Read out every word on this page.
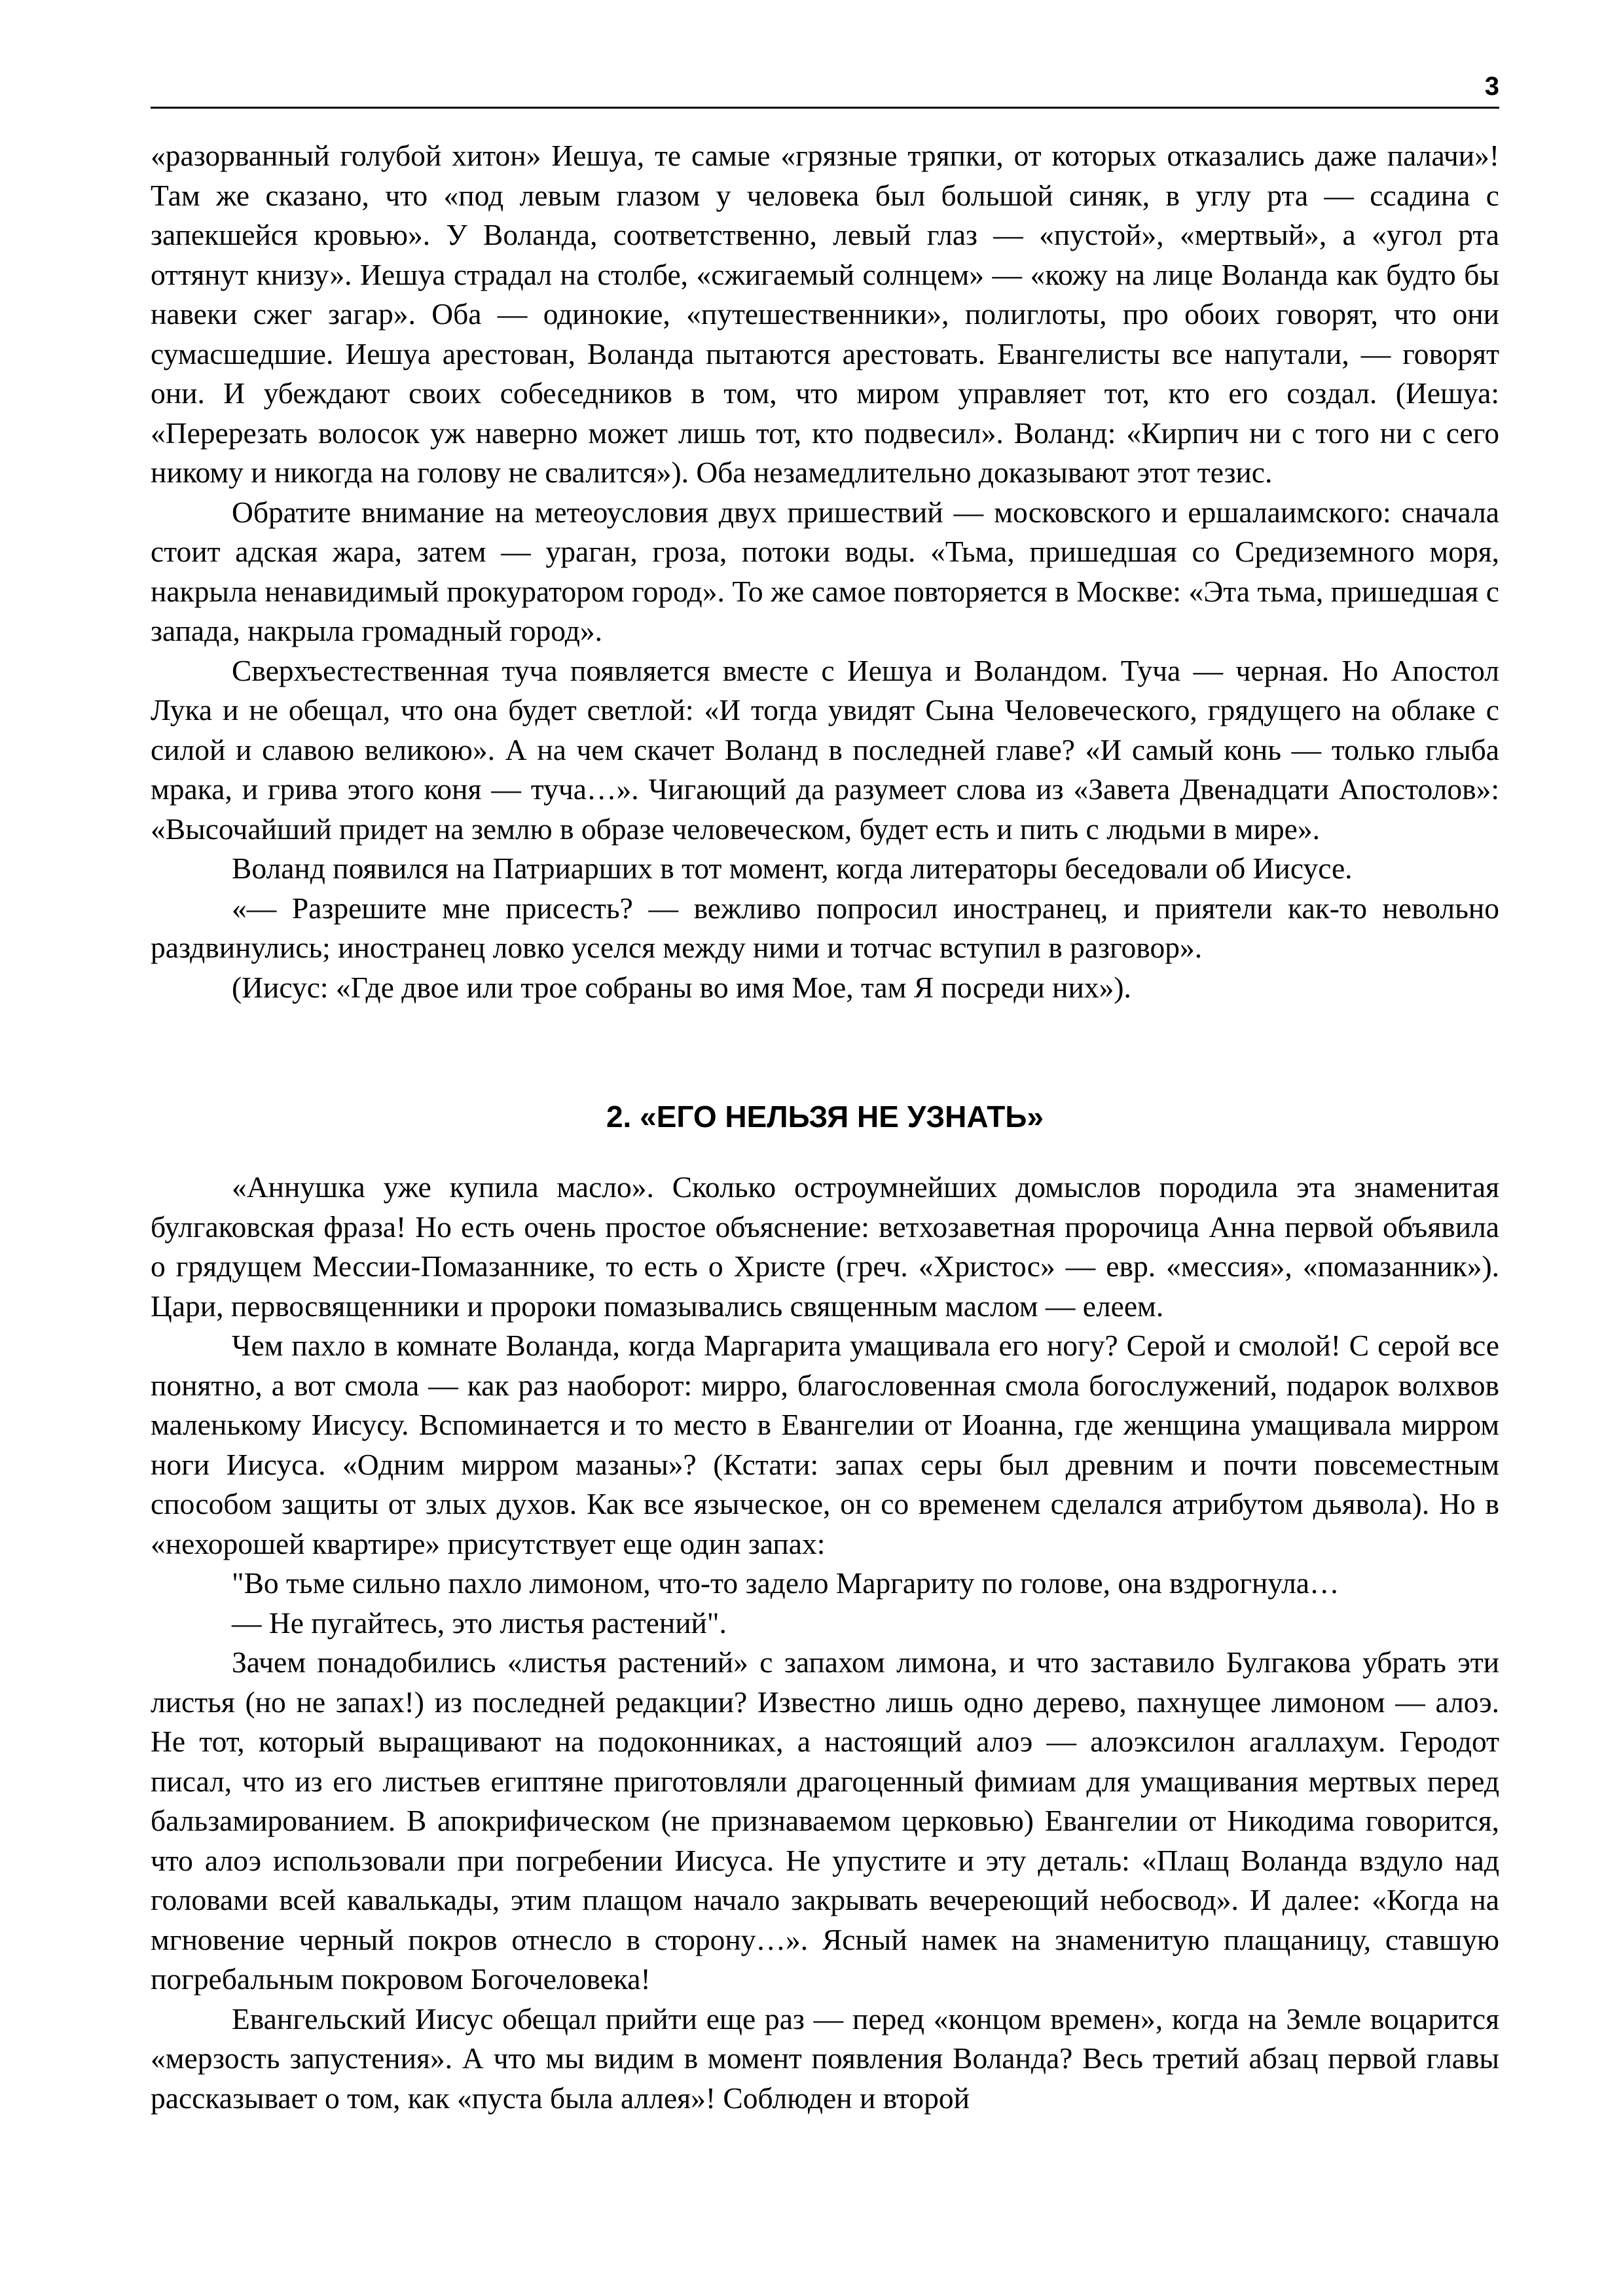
3

«разорванный голубой хитон» Иешуа, те самые «грязные тряпки, от которых отказались даже палачи»! Там же сказано, что «под левым глазом у человека был большой синяк, в углу рта — ссадина с запекшейся кровью». У Воланда, соответственно, левый глаз — «пустой», «мертвый», а «угол рта оттянут книзу». Иешуа страдал на столбе, «сжигаемый солнцем» — «кожу на лице Воланда как будто бы навеки сжег загар». Оба — одинокие, «путешественники», полиглоты, про обоих говорят, что они сумасшедшие. Иешуа арестован, Воланда пытаются арестовать. Евангелисты все напутали, — говорят они. И убеждают своих собеседников в том, что миром управляет тот, кто его создал. (Иешуа: «Перерезать волосок уж наверно может лишь тот, кто подвесил». Воланд: «Кирпич ни с того ни с сего никому и никогда на голову не свалится»). Оба незамедлительно доказывают этот тезис.

Обратите внимание на метеоусловия двух пришествий — московского и ершалаимского: сначала стоит адская жара, затем — ураган, гроза, потоки воды. «Тьма, пришедшая со Средиземного моря, накрыла ненавидимый прокуратором город». То же самое повторяется в Москве: «Эта тьма, пришедшая с запада, накрыла громадный город».

Сверхъестественная туча появляется вместе с Иешуа и Воландом. Туча — черная. Но Апостол Лука и не обещал, что она будет светлой: «И тогда увидят Сына Человеческого, грядущего на облаке с силой и славою великою». А на чем скачет Воланд в последней главе? «И самый конь — только глыба мрака, и грива этого коня — туча…». Чигающий да разумеет слова из «Завета Двенадцати Апостолов»: «Высочайший придет на землю в образе человеческом, будет есть и пить с людьми в мире».

Воланд появился на Патриарших в тот момент, когда литераторы беседовали об Иисусе.

«— Разрешите мне присесть? — вежливо попросил иностранец, и приятели как-то невольно раздвинулись; иностранец ловко уселся между ними и тотчас вступил в разговор».

(Иисус: «Где двое или трое собраны во имя Мое, там Я посреди них»).

2. «ЕГО НЕЛЬЗЯ НЕ УЗНАТЬ»

«Аннушка уже купила масло». Сколько остроумнейших домыслов породила эта знаменитая булгаковская фраза! Но есть очень простое объяснение: ветхозаветная пророчица Анна первой объявила о грядущем Мессии-Помазаннике, то есть о Христе (греч. «Христос» — евр. «мессия», «помазанник»). Цари, первосвященники и пророки помазывались священным маслом — елеем.

Чем пахло в комнате Воланда, когда Маргарита умащивала его ногу? Серой и смолой! С серой все понятно, а вот смола — как раз наоборот: мирро, благословенная смола богослужений, подарок волхвов маленькому Иисусу. Вспоминается и то место в Евангелии от Иоанна, где женщина умащивала мирром ноги Иисуса. «Одним мирром мазаны»? (Кстати: запах серы был древним и почти повсеместным способом защиты от злых духов. Как все языческое, он со временем сделался атрибутом дьявола). Но в «нехорошей квартире» присутствует еще один запах:

"Во тьме сильно пахло лимоном, что-то задело Маргариту по голове, она вздрогнула…

— Не пугайтесь, это листья растений".

Зачем понадобились «листья растений» с запахом лимона, и что заставило Булгакова убрать эти листья (но не запах!) из последней редакции? Известно лишь одно дерево, пахнущее лимоном — алоэ. Не тот, который выращивают на подоконниках, а настоящий алоэ — алоэксилон агаллахум. Геродот писал, что из его листьев египтяне приготовляли драгоценный фимиам для умащивания мертвых перед бальзамированием. В апокрифическом (не признаваемом церковью) Евангелии от Никодима говорится, что алоэ использовали при погребении Иисуса. Не упустите и эту деталь: «Плащ Воланда вздуло над головами всей кавалькады, этим плащом начало закрывать вечереющий небосвод». И далее: «Когда на мгновение черный покров отнесло в сторону…». Ясный намек на знаменитую плащаницу, ставшую погребальным покровом Богочеловека!

Евангельский Иисус обещал прийти еще раз — перед «концом времен», когда на Земле воцарится «мерзость запустения». А что мы видим в момент появления Воланда? Весь третий абзац первой главы рассказывает о том, как «пуста была аллея»! Соблюден и второй
